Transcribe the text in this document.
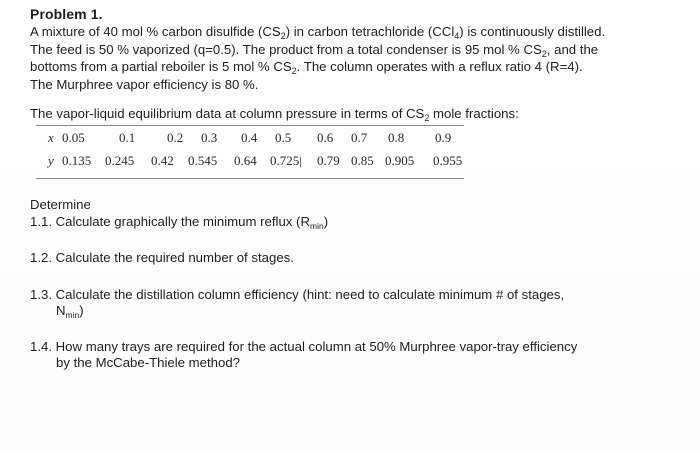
Problem 1.
A mixture of 40 mol % carbon disulfide $(CS_2)$ in carbon tetrachloride (CCl$_4$) is continuously distilled.
The feed is 50 % vaporized (q=0.5). The product from a total condenser is 95 mol % $CS_2$, and the
bottoms from a partial reboiler is 5 mol % $CS_2$. The column operates with a reflux ratio 4 (R=4).
The Murphree vapor efficiency is 80 %.
The vapor-liquid equilibrium data at column pressure in terms of $CS_2$ mole fractions:
x 0.05	0.1 0.2 0.3 0.4 0.5 0.6 0.7 0.8 0.9
y 0.135 0.245 0.42 0.545 0.64 0.725| 0.79 0.85 0.905 0.955
Determine
1.1. Calculate graphically the minimum reflux $(R_{min})$
1.2. Calculate the required number of stages.
1.3. Calculate the distillation column efficiency (hint: need to calculate minimum # of stages,
$N_{min}$)
1.4. How many trays are required for the actual column at 50% Murphree vapor-tray efficiency
by the McCabe-Thiele method?
